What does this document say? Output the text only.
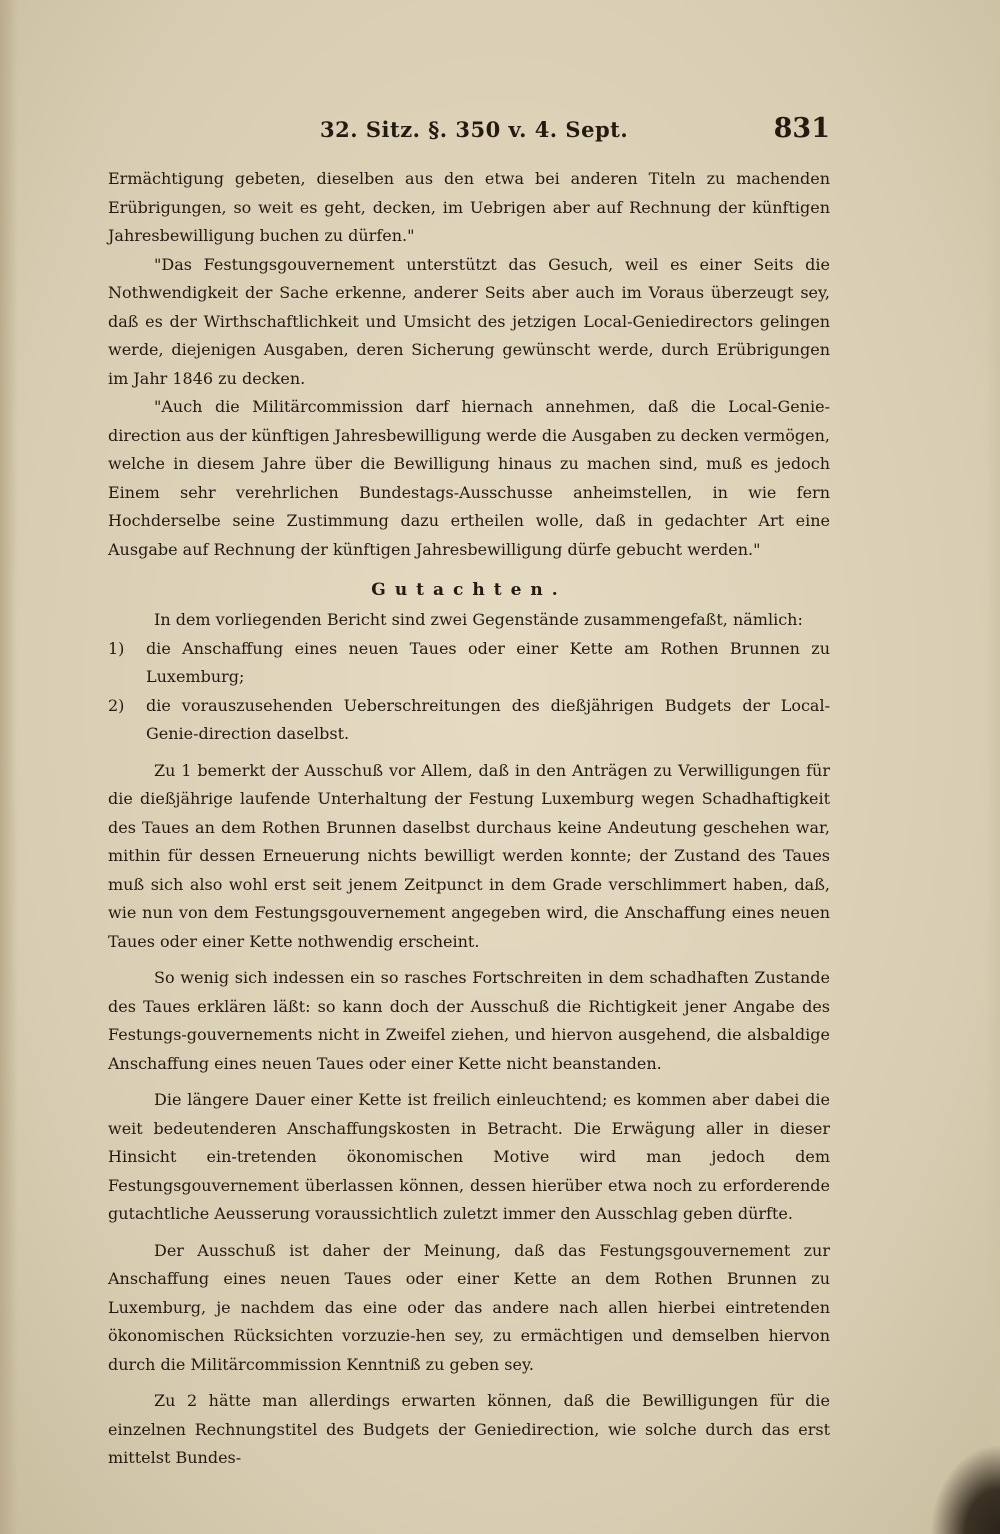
32. Sitz. §. 350 v. 4. Sept.	831

Ermächtigung gebeten, dieselben aus den etwa bei anderen Titeln zu machenden Erübrigungen, so weit es geht, decken, im Uebrigen aber auf Rechnung der künftigen Jahresbewilligung buchen zu dürfen."

"Das Festungsgouvernement unterstützt das Gesuch, weil es einer Seits die Nothwendigkeit der Sache erkenne, anderer Seits aber auch im Voraus überzeugt sey, daß es der Wirthschaftlichkeit und Umsicht des jetzigen Local-Geniedirectors gelingen werde, diejenigen Ausgaben, deren Sicherung gewünscht werde, durch Erübrigungen im Jahr 1846 zu decken.

"Auch die Militärcommission darf hiernach annehmen, daß die Local-Genie-direction aus der künftigen Jahresbewilligung werde die Ausgaben zu decken vermögen, welche in diesem Jahre über die Bewilligung hinaus zu machen sind, muß es jedoch Einem sehr verehrlichen Bundestags-Ausschusse anheimstellen, in wie fern Hochderselbe seine Zustimmung dazu ertheilen wolle, daß in gedachter Art eine Ausgabe auf Rechnung der künftigen Jahresbewilligung dürfe gebucht werden."

Gutachten.

In dem vorliegenden Bericht sind zwei Gegenstände zusammengefaßt, nämlich:

1)	die Anschaffung eines neuen Taues oder einer Kette am Rothen Brunnen zu Luxemburg;

2)	die vorauszusehenden Ueberschreitungen des dießjährigen Budgets der Local-Genie-direction daselbst.

Zu 1 bemerkt der Ausschuß vor Allem, daß in den Anträgen zu Verwilligungen für die dießjährige laufende Unterhaltung der Festung Luxemburg wegen Schadhaftigkeit des Taues an dem Rothen Brunnen daselbst durchaus keine Andeutung geschehen war, mithin für dessen Erneuerung nichts bewilligt werden konnte; der Zustand des Taues muß sich also wohl erst seit jenem Zeitpunct in dem Grade verschlimmert haben, daß, wie nun von dem Festungsgouvernement angegeben wird, die Anschaffung eines neuen Taues oder einer Kette nothwendig erscheint.

So wenig sich indessen ein so rasches Fortschreiten in dem schadhaften Zustande des Taues erklären läßt: so kann doch der Ausschuß die Richtigkeit jener Angabe des Festungs-gouvernements nicht in Zweifel ziehen, und hiervon ausgehend, die alsbaldige Anschaffung eines neuen Taues oder einer Kette nicht beanstanden.

Die längere Dauer einer Kette ist freilich einleuchtend; es kommen aber dabei die weit bedeutenderen Anschaffungskosten in Betracht. Die Erwägung aller in dieser Hinsicht ein-tretenden ökonomischen Motive wird man jedoch dem Festungsgouvernement überlassen können, dessen hierüber etwa noch zu erforderende gutachtliche Aeusserung voraussichtlich zuletzt immer den Ausschlag geben dürfte.

Der Ausschuß ist daher der Meinung, daß das Festungsgouvernement zur Anschaffung eines neuen Taues oder einer Kette an dem Rothen Brunnen zu Luxemburg, je nachdem das eine oder das andere nach allen hierbei eintretenden ökonomischen Rücksichten vorzuzie-hen sey, zu ermächtigen und demselben hiervon durch die Militärcommission Kenntniß zu geben sey.

Zu 2 hätte man allerdings erwarten können, daß die Bewilligungen für die einzelnen Rechnungstitel des Budgets der Geniedirection, wie solche durch das erst mittelst Bundes-
